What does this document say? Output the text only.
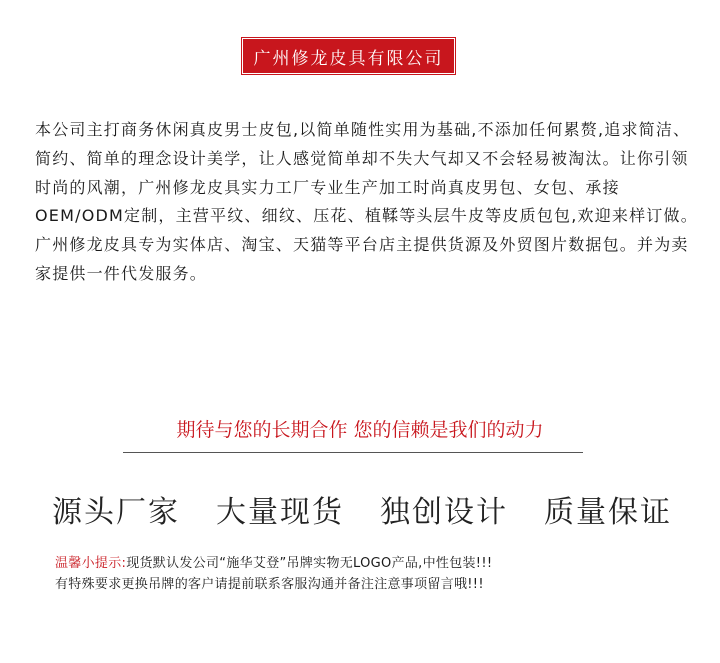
广州修龙皮具有限公司

本公司主打商务休闲真皮男士皮包,以简单随性实用为基础,不添加任何累赘,追求简洁、简约、简单的理念设计美学，让人感觉简单却不失大气却又不会轻易被淘汰。让你引领时尚的风潮，广州修龙皮具实力工厂专业生产加工时尚真皮男包、女包、承接OEM/ODM定制，主营平纹、细纹、压花、植鞣等头层牛皮等皮质包包,欢迎来样订做。广州修龙皮具专为实体店、淘宝、天猫等平台店主提供货源及外贸图片数据包。并为卖家提供一件代发服务。

期待与您的长期合作 您的信赖是我们的动力
源头厂家 大量现货 独创设计 质量保证
温馨小提示:现货默认发公司“施华艾登”吊牌实物无LOGO产品,中性包装!!!
有特殊要求更换吊牌的客户请提前联系客服沟通并备注注意事项留言哦!!!
